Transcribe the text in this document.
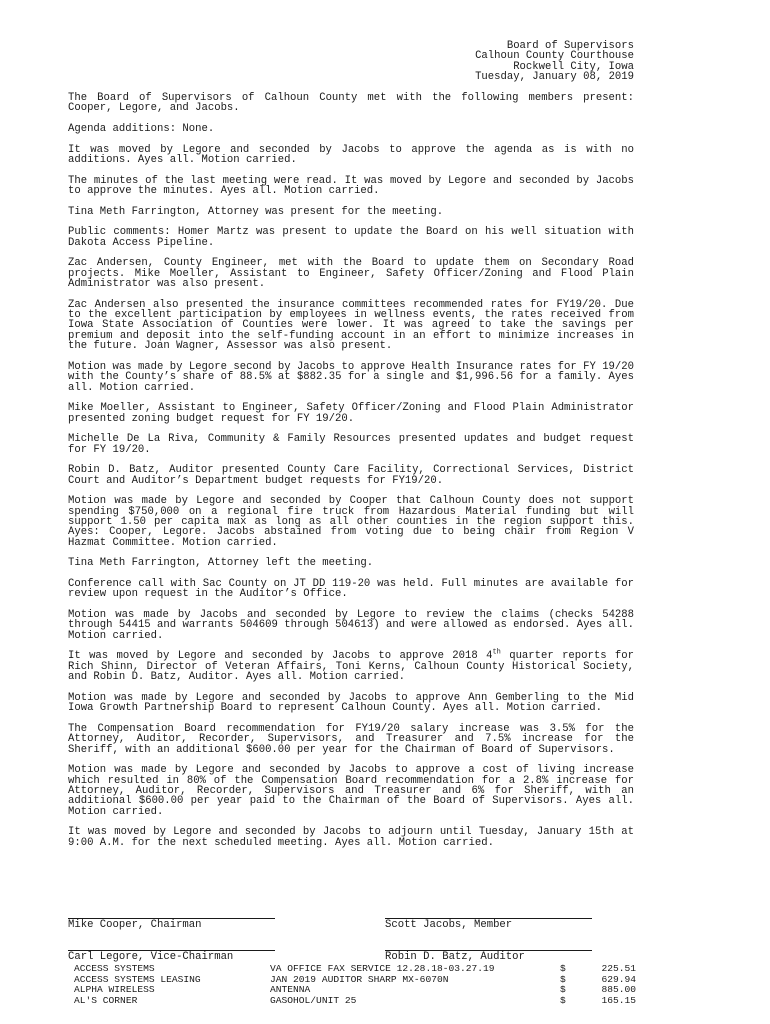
Board of Supervisors
Calhoun County Courthouse
Rockwell City, Iowa
Tuesday, January 08, 2019

The Board of Supervisors of Calhoun County met with the following members present: Cooper, Legore, and Jacobs.

Agenda additions: None.

It was moved by Legore and seconded by Jacobs to approve the agenda as is with no additions. Ayes all. Motion carried.

The minutes of the last meeting were read. It was moved by Legore and seconded by Jacobs to approve the minutes. Ayes all. Motion carried.

Tina Meth Farrington, Attorney was present for the meeting.

Public comments: Homer Martz was present to update the Board on his well situation with Dakota Access Pipeline.

Zac Andersen, County Engineer, met with the Board to update them on Secondary Road projects. Mike Moeller, Assistant to Engineer, Safety Officer/Zoning and Flood Plain Administrator was also present.

Zac Andersen also presented the insurance committees recommended rates for FY19/20. Due to the excellent participation by employees in wellness events, the rates received from Iowa State Association of Counties were lower. It was agreed to take the savings per premium and deposit into the self-funding account in an effort to minimize increases in the future. Joan Wagner, Assessor was also present.

Motion was made by Legore second by Jacobs to approve Health Insurance rates for FY 19/20 with the County’s share of 88.5% at $882.35 for a single and $1,996.56 for a family. Ayes all. Motion carried.

Mike Moeller, Assistant to Engineer, Safety Officer/Zoning and Flood Plain Administrator presented zoning budget request for FY 19/20.

Michelle De La Riva, Community & Family Resources presented updates and budget request for FY 19/20.

Robin D. Batz, Auditor presented County Care Facility, Correctional Services, District Court and Auditor’s Department budget requests for FY19/20.

Motion was made by Legore and seconded by Cooper that Calhoun County does not support spending $750,000 on a regional fire truck from Hazardous Material funding but will support 1.50 per capita max as long as all other counties in the region support this. Ayes: Cooper, Legore. Jacobs abstained from voting due to being chair from Region V Hazmat Committee. Motion carried.

Tina Meth Farrington, Attorney left the meeting.

Conference call with Sac County on JT DD 119-20 was held. Full minutes are available for review upon request in the Auditor’s Office.

Motion was made by Jacobs and seconded by Legore to review the claims (checks 54288 through 54415 and warrants 504609 through 504613) and were allowed as endorsed. Ayes all. Motion carried.

It was moved by Legore and seconded by Jacobs to approve 2018 4th quarter reports for Rich Shinn, Director of Veteran Affairs, Toni Kerns, Calhoun County Historical Society, and Robin D. Batz, Auditor. Ayes all. Motion carried.

Motion was made by Legore and seconded by Jacobs to approve Ann Gemberling to the Mid Iowa Growth Partnership Board to represent Calhoun County. Ayes all. Motion carried.

The Compensation Board recommendation for FY19/20 salary increase was 3.5% for the Attorney, Auditor, Recorder, Supervisors, and Treasurer and 7.5% increase for the Sheriff, with an additional $600.00 per year for the Chairman of Board of Supervisors.

Motion was made by Legore and seconded by Jacobs to approve a cost of living increase which resulted in 80% of the Compensation Board recommendation for a 2.8% increase for Attorney, Auditor, Recorder, Supervisors and Treasurer and 6% for Sheriff, with an additional $600.00 per year paid to the Chairman of the Board of Supervisors. Ayes all. Motion carried.

It was moved by Legore and seconded by Jacobs to adjourn until Tuesday, January 15th at 9:00 A.M. for the next scheduled meeting. Ayes all. Motion carried.

Mike Cooper, Chairman	Scott Jacobs, Member
Carl Legore, Vice-Chairman	Robin D. Batz, Auditor
ACCESS SYSTEMS	VA OFFICE FAX SERVICE 12.28.18-03.27.19	$	225.51
ACCESS SYSTEMS LEASING	JAN 2019 AUDITOR SHARP MX-6070N	$	629.94
ALPHA WIRELESS	ANTENNA	$	885.00
AL'S CORNER	GASOHOL/UNIT 25	$	165.15
